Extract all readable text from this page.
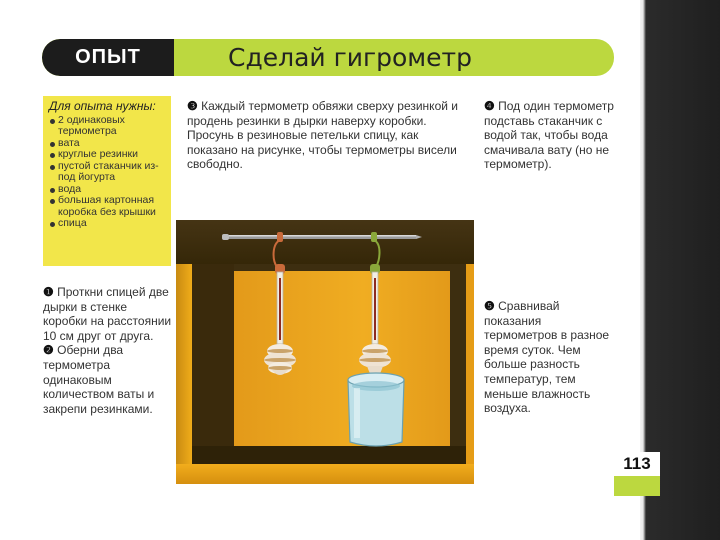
ОПЫТ	Сделай гигрометр
Для опыта нужны:
2 одинаковых термометра
вата
круглые резинки
пустой стаканчик из-под йогурта
вода
большая картонная коробка без крышки
спица
❸ Каждый термометр обвяжи сверху резинкой и продень резинки в дырки наверху коробки. Просунь в резиновые петельки спицу, как показано на рисунке, чтобы термометры висели свободно.
❹ Под один термометр подставь стаканчик с водой так, чтобы вода смачивала вату (но не термометр).
❶ Проткни спицей две дырки в стенке коробки на расстоянии 10 см друг от друга.
❷ Оберни два термометра одинаковым количеством ваты и закрепи резинками.
❺ Сравнивай показания термометров в разное время суток. Чем больше разность температур, тем меньше влажность воздуха.
113
